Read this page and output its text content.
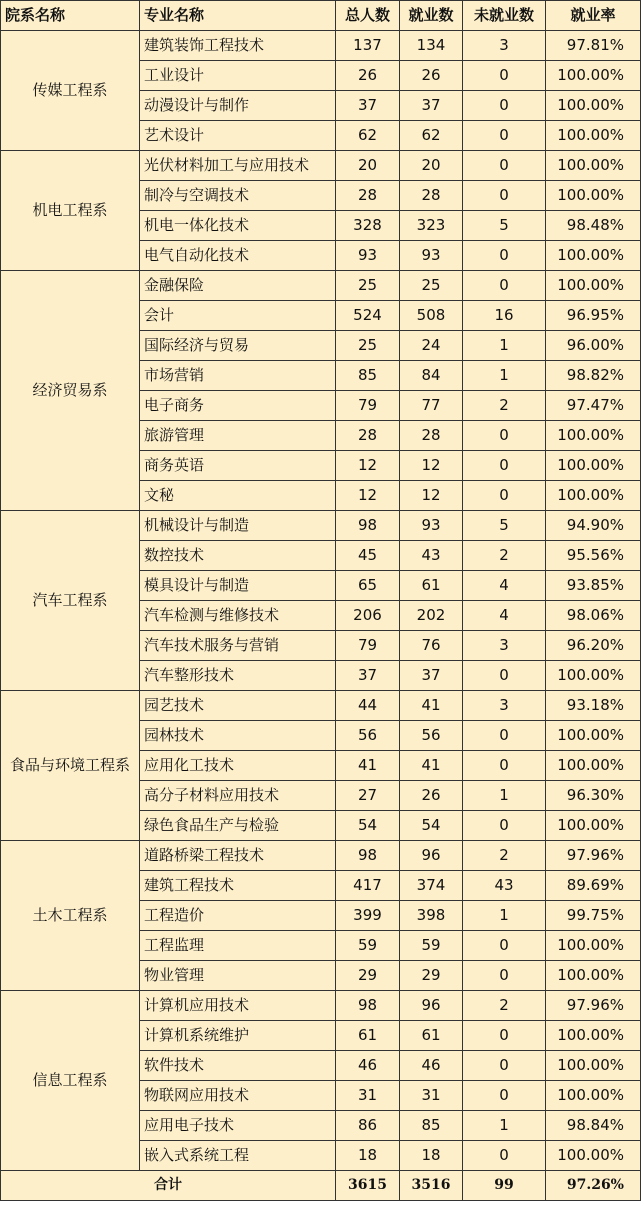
院系名称	专业名称	总人数	就业数	未就业数	就业率
传媒工程系	建筑装饰工程技术	137	134	3	97.81%
	工业设计	26	26	0	100.00%
	动漫设计与制作	37	37	0	100.00%
	艺术设计	62	62	0	100.00%
机电工程系	光伏材料加工与应用技术	20	20	0	100.00%
	制冷与空调技术	28	28	0	100.00%
	机电一体化技术	328	323	5	98.48%
	电气自动化技术	93	93	0	100.00%
经济贸易系	金融保险	25	25	0	100.00%
	会计	524	508	16	96.95%
	国际经济与贸易	25	24	1	96.00%
	市场营销	85	84	1	98.82%
	电子商务	79	77	2	97.47%
	旅游管理	28	28	0	100.00%
	商务英语	12	12	0	100.00%
	文秘	12	12	0	100.00%
汽车工程系	机械设计与制造	98	93	5	94.90%
	数控技术	45	43	2	95.56%
	模具设计与制造	65	61	4	93.85%
	汽车检测与维修技术	206	202	4	98.06%
	汽车技术服务与营销	79	76	3	96.20%
	汽车整形技术	37	37	0	100.00%
食品与环境工程系	园艺技术	44	41	3	93.18%
	园林技术	56	56	0	100.00%
	应用化工技术	41	41	0	100.00%
	高分子材料应用技术	27	26	1	96.30%
	绿色食品生产与检验	54	54	0	100.00%
土木工程系	道路桥梁工程技术	98	96	2	97.96%
	建筑工程技术	417	374	43	89.69%
	工程造价	399	398	1	99.75%
	工程监理	59	59	0	100.00%
	物业管理	29	29	0	100.00%
信息工程系	计算机应用技术	98	96	2	97.96%
	计算机系统维护	61	61	0	100.00%
	软件技术	46	46	0	100.00%
	物联网应用技术	31	31	0	100.00%
	应用电子技术	86	85	1	98.84%
	嵌入式系统工程	18	18	0	100.00%
合计		3615	3516	99	97.26%
